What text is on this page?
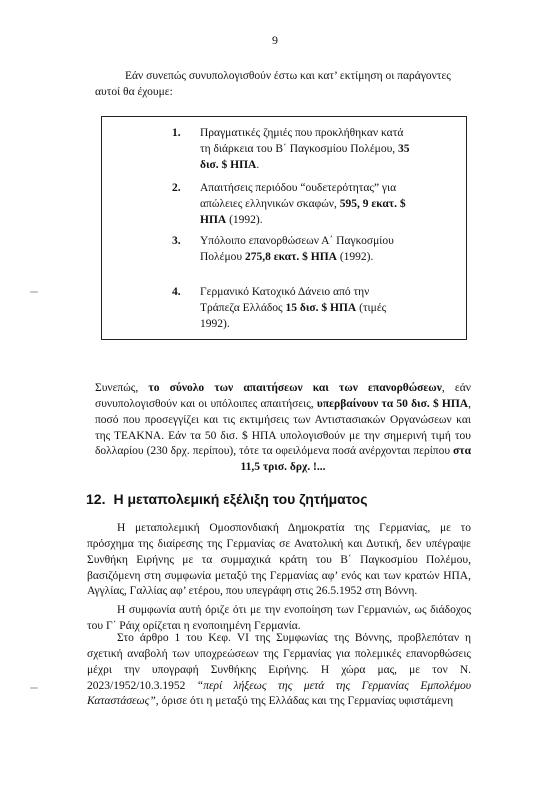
9
Εάν συνεπώς συνυπολογισθούν έστω και κατ’ εκτίμηση οι παράγοντες αυτοί θα έχουμε:
1. Πραγματικές ζημιές που προκλήθηκαν κατά τη διάρκεια του Β΄ Παγκοσμίου Πολέμου, 35 δισ. $ ΗΠΑ.
2. Απαιτήσεις περιόδου “ουδετερότητας” για απώλειες ελληνικών σκαφών, 595, 9 εκατ. $ ΗΠΑ (1992).
3. Υπόλοιπο επανορθώσεων Α΄ Παγκοσμίου Πολέμου 275,8 εκατ. $ ΗΠΑ (1992).
4. Γερμανικό Κατοχικό Δάνειο από την Τράπεζα Ελλάδος 15 δισ. $ ΗΠΑ (τιμές 1992).
Συνεπώς, το σύνολο των απαιτήσεων και των επανορθώσεων, εάν συνυπολογισθούν και οι υπόλοιπες απαιτήσεις, υπερβαίνουν τα 50 δισ. $ ΗΠΑ, ποσό που προσεγγίζει και τις εκτιμήσεις των Αντιστασιακών Οργανώσεων και της ΤΕΑΚΝΑ. Εάν τα 50 δισ. $ ΗΠΑ υπολογισθούν με την σημερινή τιμή του δολλαρίου (230 δρχ. περίπου), τότε τα οφειλόμενα ποσά ανέρχονται περίπου στα 11,5 τρισ. δρχ. !...
12. Η μεταπολεμική εξέλιξη του ζητήματος
Η μεταπολεμική Ομοσπονδιακή Δημοκρατία της Γερμανίας, με το πρόσχημα της διαίρεσης της Γερμανίας σε Ανατολική και Δυτική, δεν υπέγραψε Συνθήκη Ειρήνης με τα συμμαχικά κράτη του Β΄ Παγκοσμίου Πολέμου, βασιζόμενη στη συμφωνία μεταξύ της Γερμανίας αφ’ ενός και των κρατών ΗΠΑ, Αγγλίας, Γαλλίας αφ’ ετέρου, που υπεγράφη στις 26.5.1952 στη Βόννη.
Η συμφωνία αυτή όριζε ότι με την ενοποίηση των Γερμανιών, ως διάδοχος του Γ΄ Ράιχ ορίζεται η ενοποιημένη Γερμανία.
Στο άρθρο 1 του Κεφ. VI της Συμφωνίας της Βόννης, προβλεπόταν η σχετική αναβολή των υποχρεώσεων της Γερμανίας για πολεμικές επανορθώσεις μέχρι την υπογραφή Συνθήκης Ειρήνης. Η χώρα μας, με τον Ν. 2023/1952/10.3.1952 “περί λήξεως της μετά της Γερμανίας Εμπολέμου Καταστάσεως”, όρισε ότι η μεταξύ της Ελλάδας και της Γερμανίας υφιστάμενη
